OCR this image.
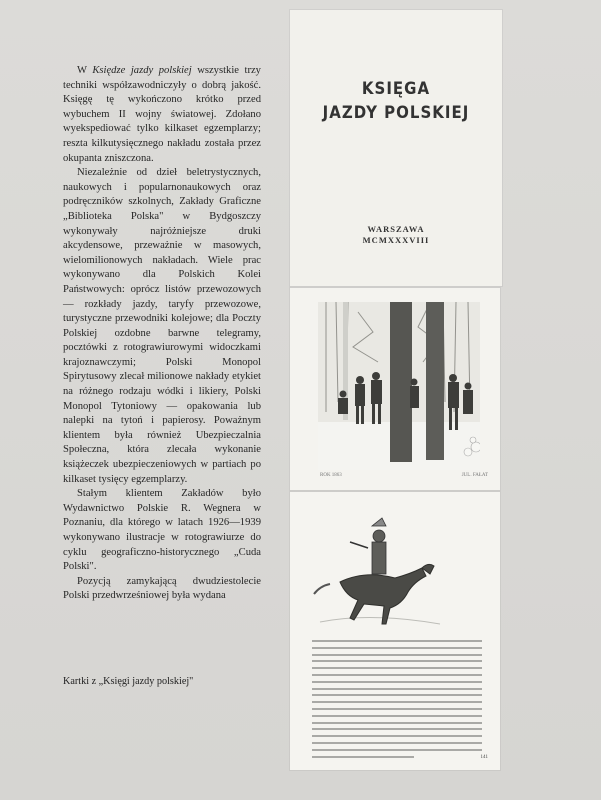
W Księdze jazdy polskiej wszystkie trzy techniki współzawodniczyły o dobrą jakość. Księgę tę wykończono krótko przed wybuchem II wojny światowej. Zdołano wyekspediować tylko kilkaset egzemplarzy; reszta kilkutysięcznego nakładu została przez okupanta zniszczona.

Niezależnie od dzieł beletrystycznych, naukowych i popularnonaukowych oraz podręczników szkolnych, Zakłady Graficzne „Biblioteka Polska" w Bydgoszczy wykonywały najróżniejsze druki akcydensowe, przeważnie w masowych, wielomilionowych nakładach. Wiele prac wykonywano dla Polskich Kolei Państwowych: oprócz listów przewozowych — rozkłady jazdy, taryfy przewozowe, turystyczne przewodniki kolejowe; dla Poczty Polskiej ozdobne barwne telegramy, pocztówki z rotograwiurowymi widoczkami krajoznawczymi; Polski Monopol Spirytusowy zlecał milionowe nakłady etykiet na różnego rodzaju wódki i likiery, Polski Monopol Tytoniowy — opakowania lub nalepki na tytoń i papierosy. Poważnym klientem była również Ubezpieczalnia Społeczna, która zlecała wykonanie książeczek ubezpieczeniowych w partiach po kilkaset tysięcy egzemplarzy.

Stałym klientem Zakładów było Wydawnictwo Polskie R. Wegnera w Poznaniu, dla którego w latach 1926—1939 wykonywano ilustracje w rotograwiurze do cyklu geograficzno-historycznego „Cuda Polski".

Pozycją zamykającą dwudziestolecie Polski przedwrześniowej była wydana

Kartki z „Księgi jazdy polskiej"
KSIĘGA
JAZDY POLSKIEJ
WARSZAWA
MCMXXXVIII
ROK 1863	JUL. FAŁAT
141
